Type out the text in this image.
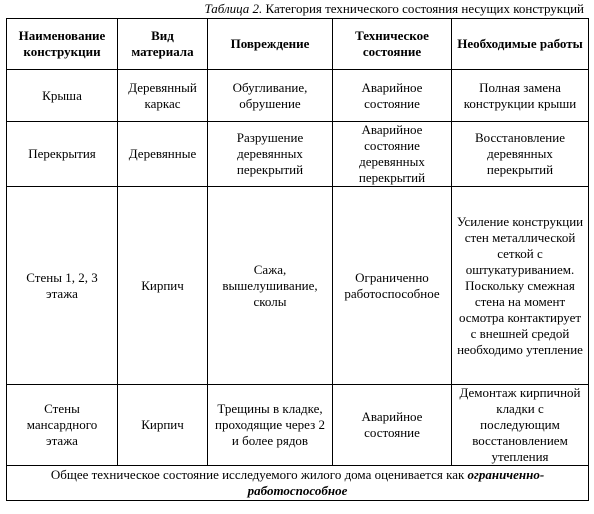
Таблица 2. Категория технического состояния несущих конструкций
Наименование конструкции	Вид материала	Повреждение	Техническое состояние	Необходимые работы
Крыша	Деревянный каркас	Обугливание, обрушение	Аварийное состояние	Полная замена конструкции крыши
Перекрытия	Деревянные	Разрушение деревянных перекрытий	Аварийное состояние деревянных перекрытий	Восстановление деревянных перекрытий
Стены 1, 2, 3 этажа	Кирпич	Сажа, вышелушивание, сколы	Ограниченно работоспособное	Усиление конструкции стен металлической сеткой с оштукатуриванием. Поскольку смежная стена на момент осмотра контактирует с внешней средой необходимо утепление
Стены мансардного этажа	Кирпич	Трещины в кладке, проходящие через 2 и более рядов	Аварийное состояние	Демонтаж кирпичной кладки с последующим восстановлением утепления
Общее техническое состояние исследуемого жилого дома оценивается как ограниченно-работоспособное				
